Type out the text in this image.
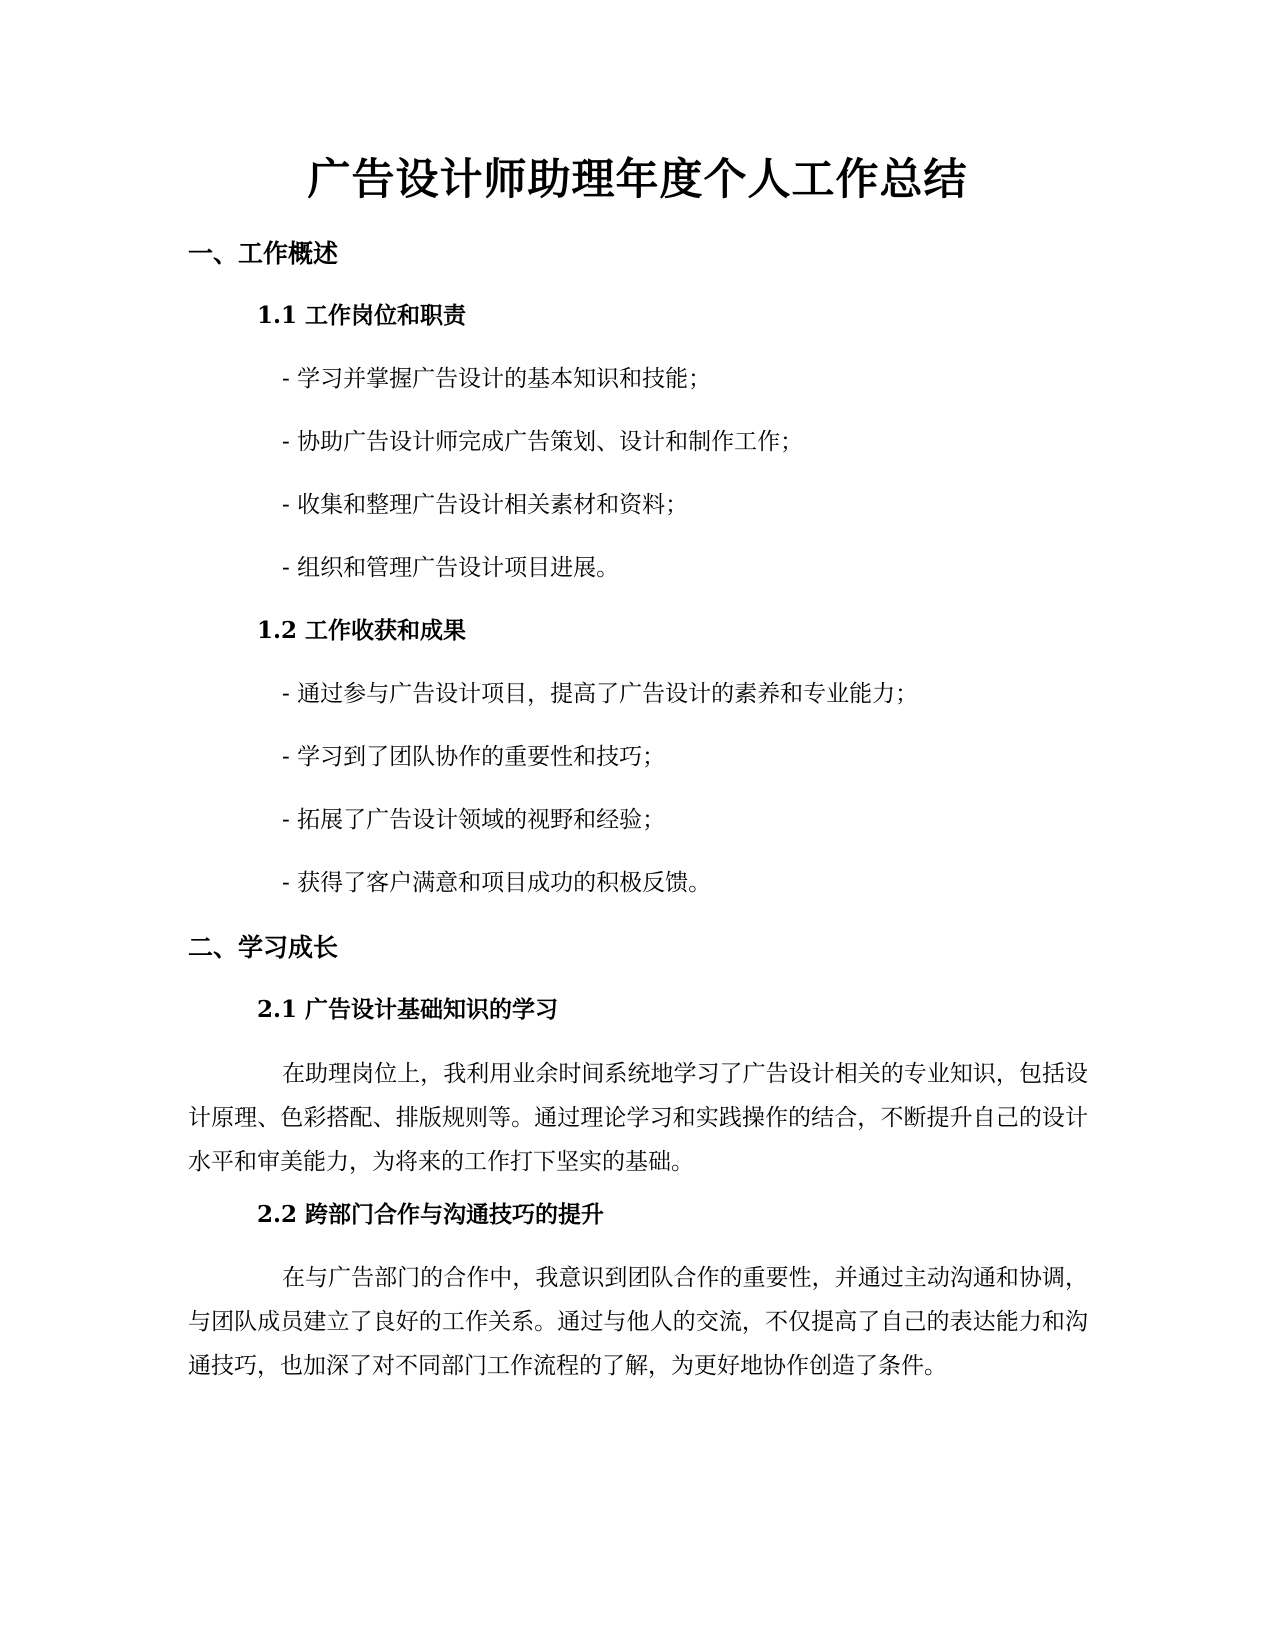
广告设计师助理年度个人工作总结
一、工作概述
1.1 工作岗位和职责

- 学习并掌握广告设计的基本知识和技能；

- 协助广告设计师完成广告策划、设计和制作工作；

- 收集和整理广告设计相关素材和资料；

- 组织和管理广告设计项目进展。

1.2 工作收获和成果

- 通过参与广告设计项目，提高了广告设计的素养和专业能力；

- 学习到了团队协作的重要性和技巧；

- 拓展了广告设计领域的视野和经验；

- 获得了客户满意和项目成功的积极反馈。

二、学习成长
2.1 广告设计基础知识的学习

在助理岗位上，我利用业余时间系统地学习了广告设计相关的专业知识，包括设计原理、色彩搭配、排版规则等。通过理论学习和实践操作的结合，不断提升自己的设计水平和审美能力，为将来的工作打下坚实的基础。

2.2 跨部门合作与沟通技巧的提升

在与广告部门的合作中，我意识到团队合作的重要性，并通过主动沟通和协调，与团队成员建立了良好的工作关系。通过与他人的交流，不仅提高了自己的表达能力和沟通技巧，也加深了对不同部门工作流程的了解，为更好地协作创造了条件。
